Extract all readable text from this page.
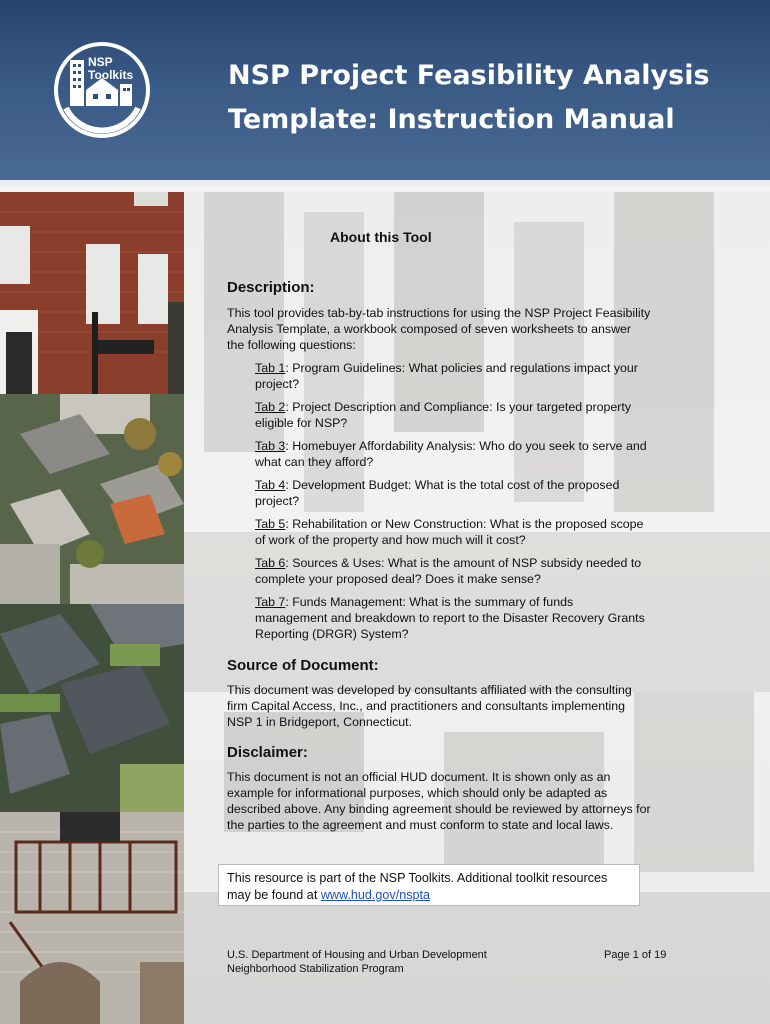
NSP
Toolkits	NSP Project Feasibility Analysis
Template: Instruction Manual
About this Tool
Description:
This tool provides tab-by-tab instructions for using the NSP Project Feasibility
Analysis Template, a workbook composed of seven worksheets to answer
the following questions:
Tab 1: Program Guidelines: What policies and regulations impact your
project?
Tab 2: Project Description and Compliance: Is your targeted property
eligible for NSP?
Tab 3: Homebuyer Affordability Analysis: Who do you seek to serve and
what can they afford?
Tab 4: Development Budget: What is the total cost of the proposed
project?
Tab 5: Rehabilitation or New Construction: What is the proposed scope
of work of the property and how much will it cost?
Tab 6: Sources & Uses: What is the amount of NSP subsidy needed to
complete your proposed deal? Does it make sense?
Tab 7: Funds Management: What is the summary of funds
management and breakdown to report to the Disaster Recovery Grants
Reporting (DRGR) System?
Source of Document:
This document was developed by consultants affiliated with the consulting
firm Capital Access, Inc., and practitioners and consultants implementing
NSP 1 in Bridgeport, Connecticut.
Disclaimer:
This document is not an official HUD document. It is shown only as an
example for informational purposes, which should only be adapted as
described above. Any binding agreement should be reviewed by attorneys for
the parties to the agreement and must conform to state and local laws.
This resource is part of the NSP Toolkits. Additional toolkit resources
may be found at www.hud.gov/nspta
U.S. Department of Housing and Urban Development
Neighborhood Stabilization Program
Page 1 of 19
